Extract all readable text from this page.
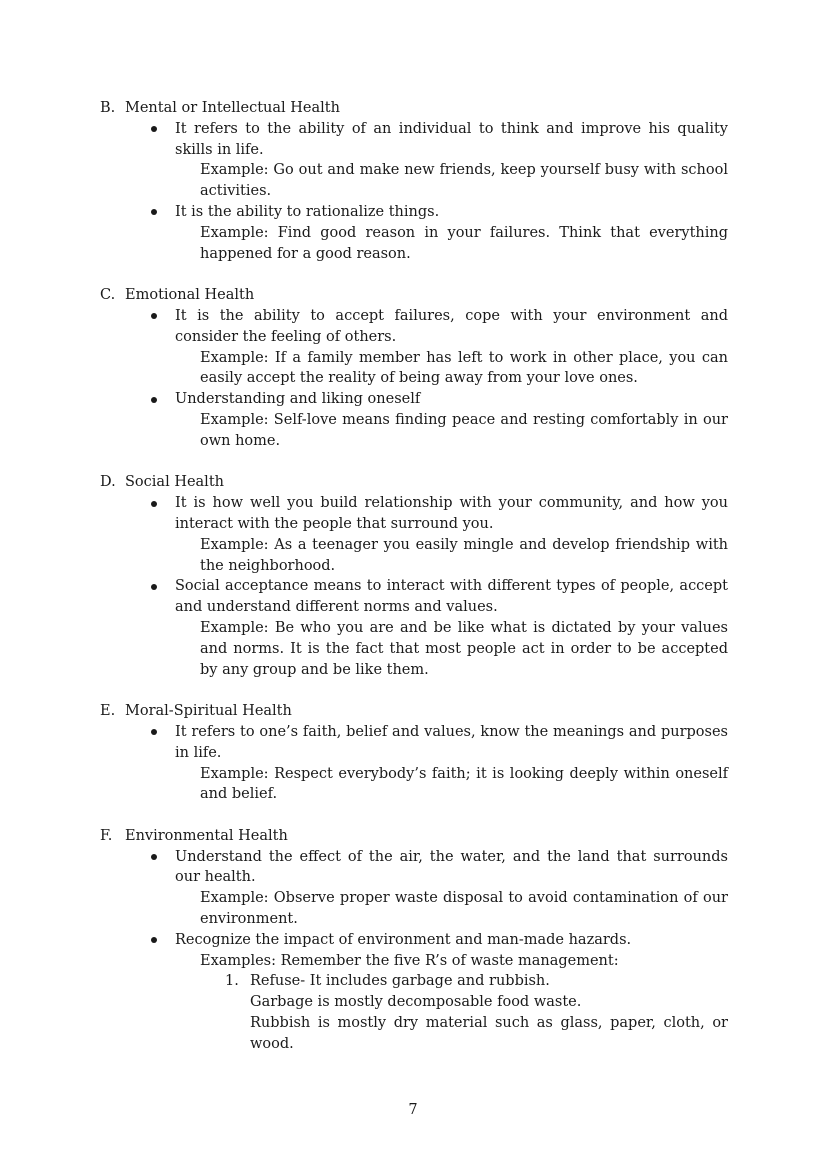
B. Mental or Intellectual Health
It refers to the ability of an individual to think and improve his quality skills in life.
Example: Go out and make new friends, keep yourself busy with school activities.
It is the ability to rationalize things.
Example: Find good reason in your failures. Think that everything happened for a good reason.
C. Emotional Health
It is the ability to accept failures, cope with your environment and consider the feeling of others.
Example: If a family member has left to work in other place, you can easily accept the reality of being away from your love ones.
Understanding and liking oneself
Example: Self-love means finding peace and resting comfortably in our own home.
D. Social Health
It is how well you build relationship with your community, and how you interact with the people that surround you.
Example: As a teenager you easily mingle and develop friendship with the neighborhood.
Social acceptance means to interact with different types of people, accept and understand different norms and values.
Example: Be who you are and be like what is dictated by your values and norms. It is the fact that most people act in order to be accepted by any group and be like them.
E. Moral-Spiritual Health
It refers to one’s faith, belief and values, know the meanings and purposes in life.
Example: Respect everybody’s faith; it is looking deeply within oneself and belief.
F. Environmental Health
Understand the effect of the air, the water, and the land that surrounds our health.
Example: Observe proper waste disposal to avoid contamination of our environment.
Recognize the impact of environment and man-made hazards.
Examples: Remember the five R’s of waste management:
1. Refuse- It includes garbage and rubbish.
Garbage is mostly decomposable food waste.
Rubbish is mostly dry material such as glass, paper, cloth, or wood.
7
